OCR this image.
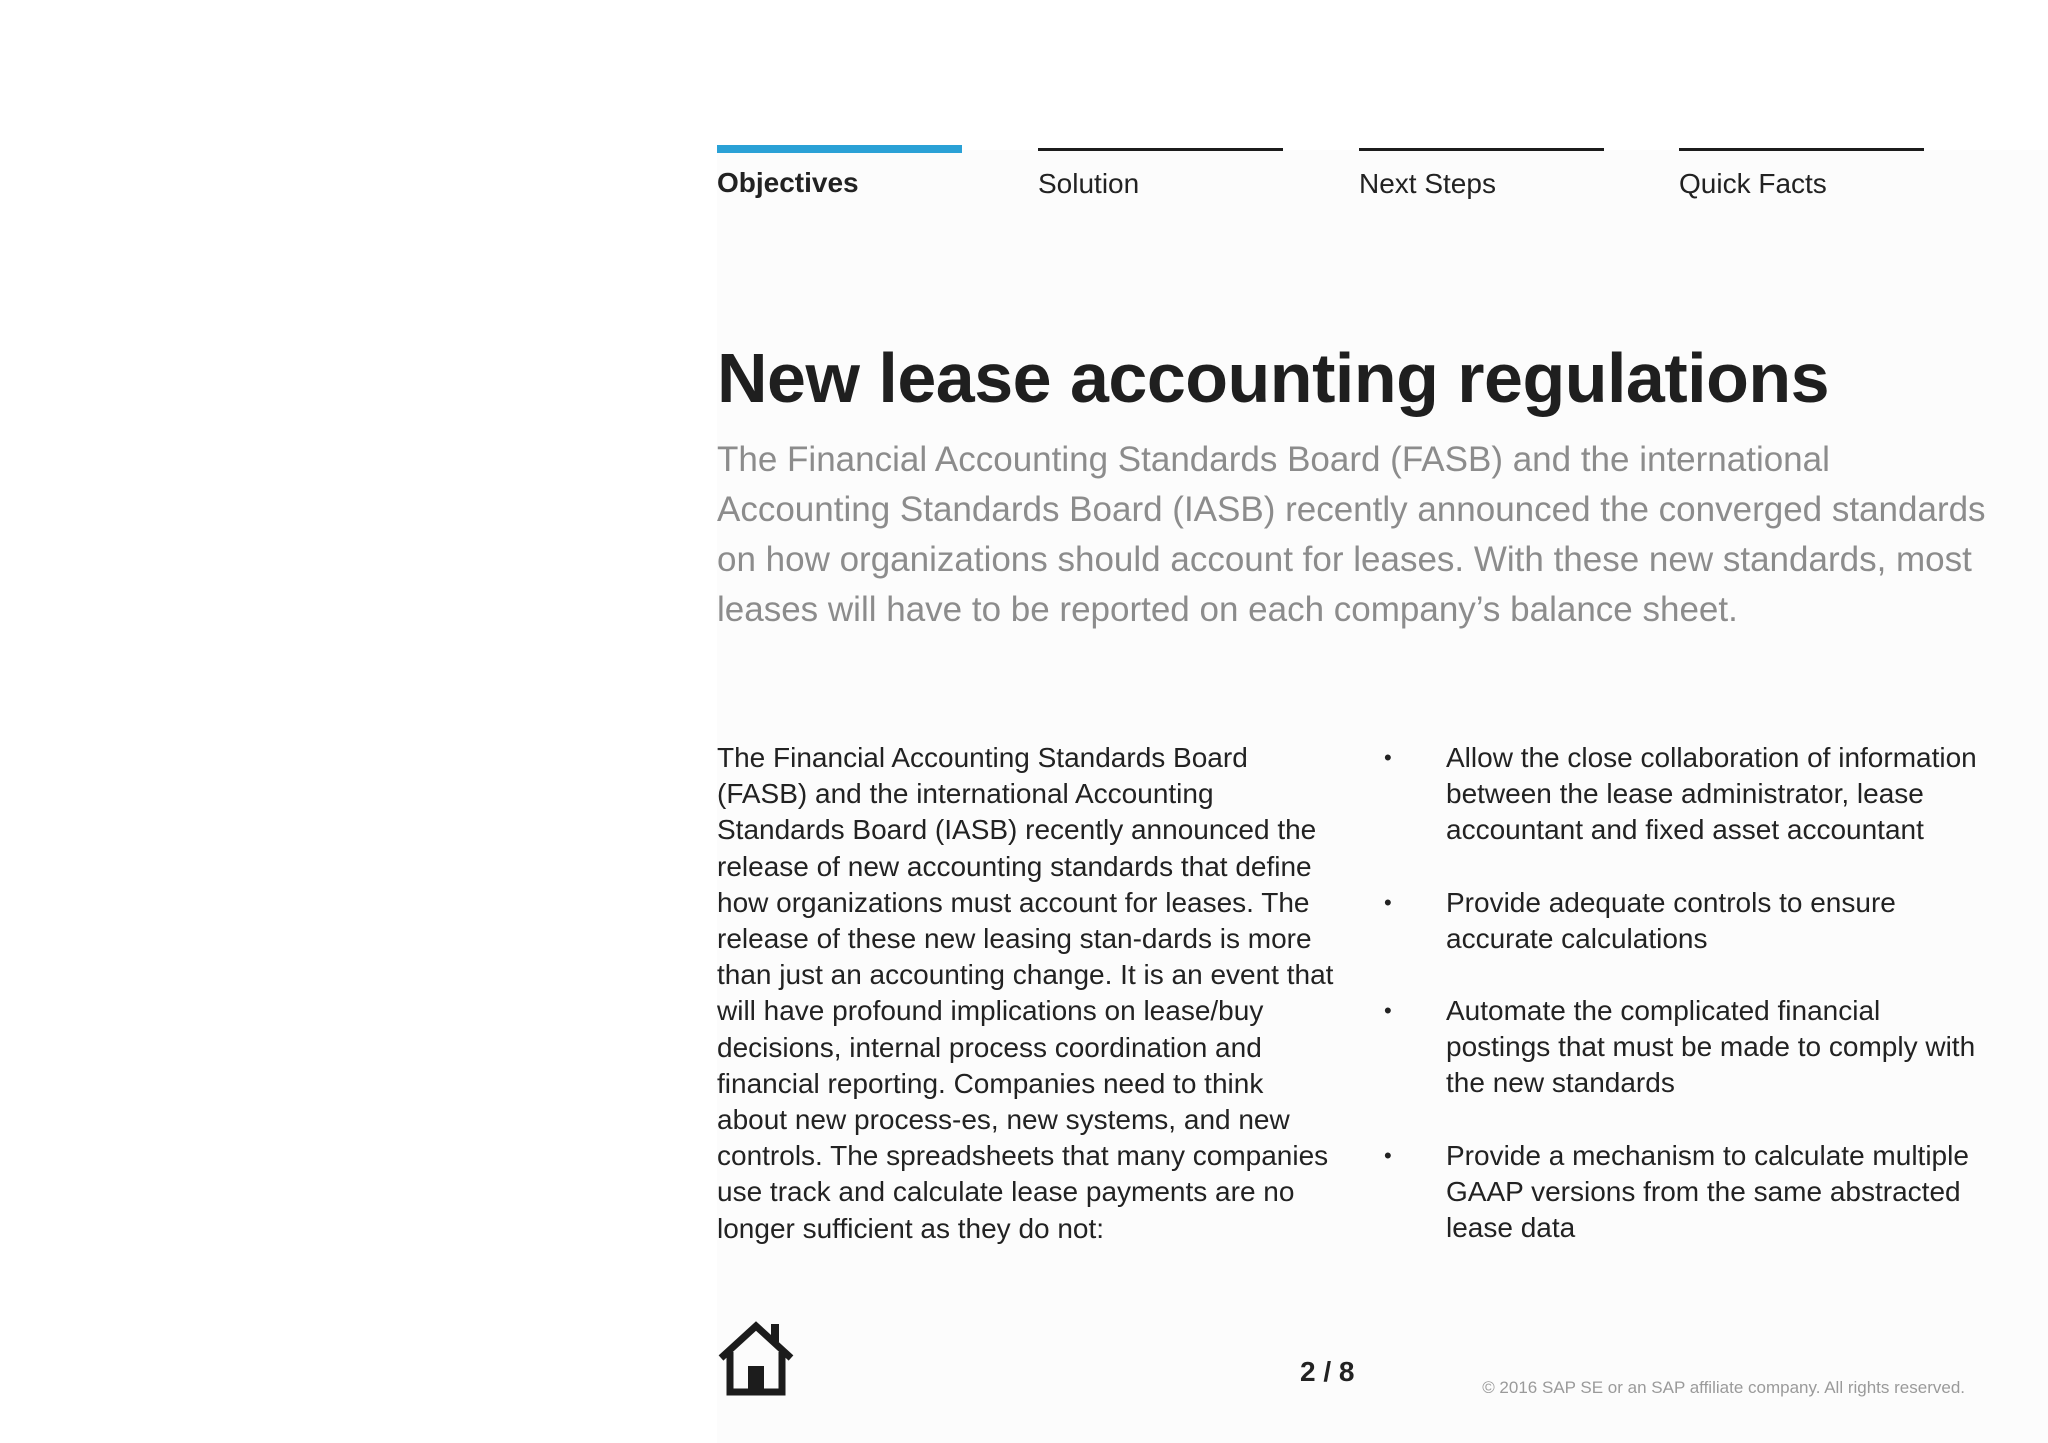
Objectives	Solution	Next Steps	Quick Facts
New lease accounting regulations

The Financial Accounting Standards Board (FASB) and the international Accounting Standards Board (IASB) recently announced the converged standards on how organizations should account for leases. With these new standards, most leases will have to be reported on each company’s balance sheet.

The Financial Accounting Standards Board (FASB) and the international Accounting Standards Board (IASB) recently announced the release of new accounting standards that define how organizations must account for leases. The release of these new leasing stan-dards is more than just an accounting change. It is an event that will have profound implications on lease/buy decisions, internal process coordination and financial reporting. Companies need to think about new process-es, new systems, and new controls. The spreadsheets that many companies use track and calculate lease payments are no longer sufficient as they do not:

• Allow the close collaboration of information between the lease administrator, lease accountant and fixed asset accountant
• Provide adequate controls to ensure accurate calculations
• Automate the complicated financial postings that must be made to comply with the new standards
• Provide a mechanism to calculate multiple GAAP versions from the same abstracted lease data
2 / 8
© 2016 SAP SE or an SAP affiliate company. All rights reserved.
